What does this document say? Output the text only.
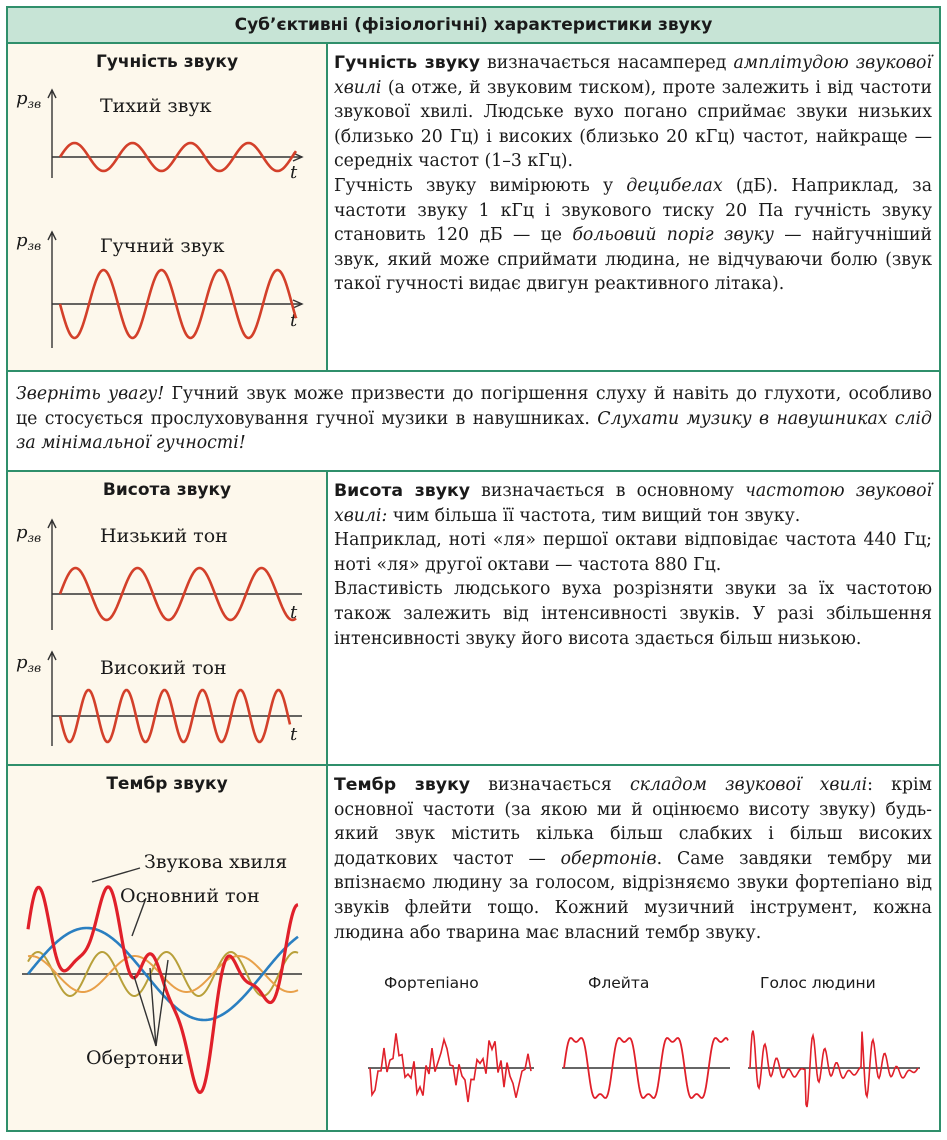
Суб’єктивні (фізіологічні) характеристики звуку
Гучність звуку
$p_{зв}$	Тихий звук
t
$p_{зв}$	Гучний звук
t

Гучність звуку визначається насамперед амплітудою звукової хвилі (а отже, й звуковим тиском), проте залежить і від частоти звукової хвилі. Людське вухо погано сприймає звуки низьких (близько 20 Гц) і високих (близько 20 кГц) частот, найкраще — середніх частот (1–3 кГц).

Гучність звуку вимірюють у децибелах (дБ). Наприклад, за частоти звуку 1 кГц і звукового тиску 20 Па гучність звуку становить 120 дБ — це больовий поріг звуку — найгучніший звук, який може сприймати людина, не відчуваючи болю (звук такої гучності видає двигун реактивного літака).

Зверніть увагу! Гучний звук може призвести до погіршення слуху й навіть до глухоти, особливо це стосується прослуховування гучної музики в навушниках. Слухати музику в навушниках слід за мінімальної гучності!

Висота звуку
$p_{зв}$	Низький тон
t
$p_{зв}$	Високий тон
t

Висота звуку визначається в основному частотою звукової хвилі: чим більша її частота, тим вищий тон звуку.

Наприклад, ноті «ля» першої октави відповідає частота 440 Гц; ноті «ля» другої октави — частота 880 Гц.

Властивість людського вуха розрізняти звуки за їх частотою також залежить від інтенсивності звуків. У разі збільшення інтенсивності звуку його висота здається більш низькою.

Тембр звуку
Звукова хвиля
Основний тон
Обертони

Тембр звуку визначається складом звукової хвилі: крім основної частоти (за якою ми й оцінюємо висоту звуку) будь-який звук містить кілька більш слабких і більш високих додаткових частот — обертонів. Саме завдяки тембру ми впізнаємо людину за голосом, відрізняємо звуки фортепіано від звуків флейти тощо. Кожний музичний інструмент, кожна людина або тварина має власний тембр звуку.

Фортепіано	Флейта	Голос людини
